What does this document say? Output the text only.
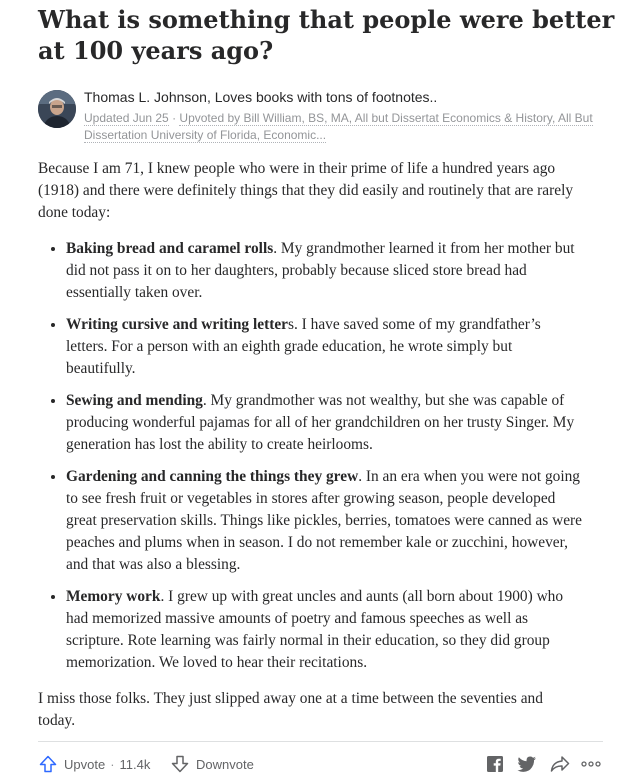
What is something that people were better at 100 years ago?
Thomas L. Johnson, Loves books with tons of footnotes..
Updated Jun 25 · Upvoted by Bill William, BS, MA, All but Dissertat Economics & History, All But Dissertation University of Florida, Economic...

Because I am 71, I knew people who were in their prime of life a hundred years ago (1918) and there were definitely things that they did easily and routinely that are rarely done today:

• Baking bread and caramel rolls. My grandmother learned it from her mother but did not pass it on to her daughters, probably because sliced store bread had essentially taken over.
• Writing cursive and writing letters. I have saved some of my grandfather’s letters. For a person with an eighth grade education, he wrote simply but beautifully.
• Sewing and mending. My grandmother was not wealthy, but she was capable of producing wonderful pajamas for all of her grandchildren on her trusty Singer. My generation has lost the ability to create heirlooms.
• Gardening and canning the things they grew. In an era when you were not going to see fresh fruit or vegetables in stores after growing season, people developed great preservation skills. Things like pickles, berries, tomatoes were canned as were peaches and plums when in season. I do not remember kale or zucchini, however, and that was also a blessing.
• Memory work. I grew up with great uncles and aunts (all born about 1900) who had memorized massive amounts of poetry and famous speeches as well as scripture. Rote learning was fairly normal in their education, so they did group memorization. We loved to hear their recitations.

I miss those folks. They just slipped away one at a time between the seventies and today.

Upvote · 11.4k	Downvote
